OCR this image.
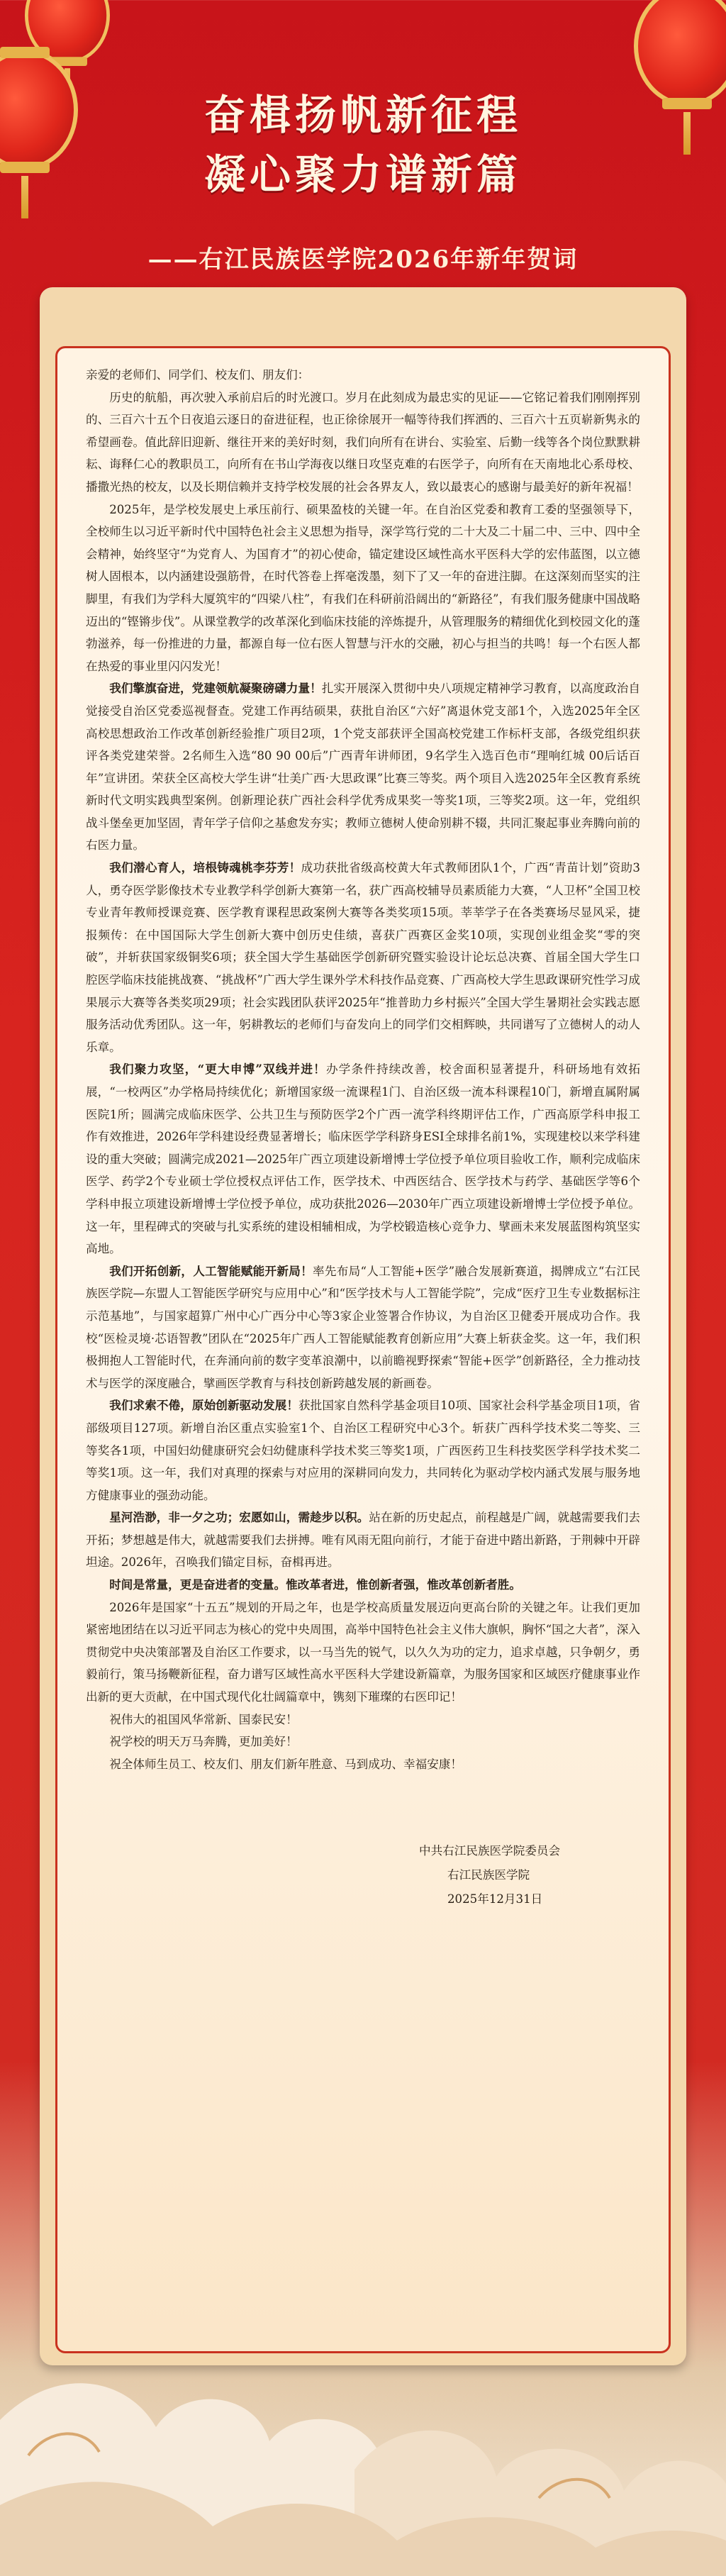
奋楫扬帆新征程
凝心聚力谱新篇
——右江民族医学院2026年新年贺词

亲爱的老师们、同学们、校友们、朋友们：

历史的航船，再次驶入承前启后的时光渡口。岁月在此刻成为最忠实的见证——它铭记着我们刚刚挥别的、三百六十五个日夜追云逐日的奋进征程，也正徐徐展开一幅等待我们挥洒的、三百六十五页崭新隽永的希望画卷。值此辞旧迎新、继往开来的美好时刻，我们向所有在讲台、实验室、后勤一线等各个岗位默默耕耘、诲释仁心的教职员工，向所有在书山学海夜以继日攻坚克难的右医学子，向所有在天南地北心系母校、播撒光热的校友，以及长期信赖并支持学校发展的社会各界友人，致以最衷心的感谢与最美好的新年祝福！

2025年，是学校发展史上承压前行、硕果盈枝的关键一年。在自治区党委和教育工委的坚强领导下，全校师生以习近平新时代中国特色社会主义思想为指导，深学笃行党的二十大及二十届二中、三中、四中全会精神，始终坚守“为党育人、为国育才”的初心使命，锚定建设区域性高水平医科大学的宏伟蓝图，以立德树人固根本，以内涵建设强筋骨，在时代答卷上挥毫泼墨，刻下了又一年的奋进注脚。在这深刻而坚实的注脚里，有我们为学科大厦筑牢的“四梁八柱”，有我们在科研前沿阔出的“新路径”，有我们服务健康中国战略迈出的“铿锵步伐”。从课堂教学的改革深化到临床技能的淬炼提升，从管理服务的精细优化到校园文化的蓬勃滋养，每一份推进的力量，都源自每一位右医人智慧与汗水的交融，初心与担当的共鸣！每一个右医人都在热爱的事业里闪闪发光！

我们擎旗奋进，党建领航凝聚磅礴力量！扎实开展深入贯彻中央八项规定精神学习教育，以高度政治自觉接受自治区党委巡视督查。党建工作再结硕果，获批自治区“六好”离退休党支部1个，入选2025年全区高校思想政治工作改革创新经验推广项目2项，1个党支部获评全国高校党建工作标杆支部，各级党组织获评各类党建荣誉。2名师生入选“80 90 00后”广西青年讲师团，9名学生入选百色市“理响红城 00后话百年”宣讲团。荣获全区高校大学生讲“壮美广西·大思政课”比赛三等奖。两个项目入选2025年全区教育系统新时代文明实践典型案例。创新理论获广西社会科学优秀成果奖一等奖1项，三等奖2项。这一年，党组织战斗堡垒更加坚固，青年学子信仰之基愈发夯实；教师立德树人使命别耕不辍，共同汇聚起事业奔腾向前的右医力量。

我们潜心育人，培根铸魂桃李芬芳！成功获批省级高校黄大年式教师团队1个，广西“青苗计划”资助3人，勇夺医学影像技术专业教学科学创新大赛第一名，获广西高校辅导员素质能力大赛，“人卫杯”全国卫校专业青年教师授课竞赛、医学教育课程思政案例大赛等各类奖项15项。莘莘学子在各类赛场尽显风采，捷报频传：在中国国际大学生创新大赛中创历史佳绩，喜获广西赛区金奖10项，实现创业组金奖“零的突破”，并斩获国家级铜奖6项；获全国大学生基础医学创新研究暨实验设计论坛总决赛、首届全国大学生口腔医学临床技能挑战赛、“挑战杯”广西大学生课外学术科技作品竞赛、广西高校大学生思政课研究性学习成果展示大赛等各类奖项29项；社会实践团队获评2025年“推普助力乡村振兴”全国大学生暑期社会实践志愿服务活动优秀团队。这一年，躬耕教坛的老师们与奋发向上的同学们交相辉映，共同谱写了立德树人的动人乐章。

我们聚力攻坚，“更大申博”双线并进！办学条件持续改善，校舍面积显著提升，科研场地有效拓展，“一校两区”办学格局持续优化；新增国家级一流课程1门、自治区级一流本科课程10门，新增直属附属医院1所；圆满完成临床医学、公共卫生与预防医学2个广西一流学科终期评估工作，广西高原学科申报工作有效推进，2026年学科建设经费显著增长；临床医学学科跻身ESI全球排名前1%，实现建校以来学科建设的重大突破；圆满完成2021—2025年广西立项建设新增博士学位授予单位项目验收工作，顺利完成临床医学、药学2个专业硕士学位授权点评估工作，医学技术、中西医结合、医学技术与药学、基础医学等6个学科申报立项建设新增博士学位授予单位，成功获批2026—2030年广西立项建设新增博士学位授予单位。这一年，里程碑式的突破与扎实系统的建设相辅相成，为学校锻造核心竞争力、擘画未来发展蓝图构筑坚实高地。

我们开拓创新，人工智能赋能开新局！率先布局“人工智能+医学”融合发展新赛道，揭牌成立“右江民族医学院—东盟人工智能医学研究与应用中心”和“医学技术与人工智能学院”，完成“医疗卫生专业数据标注示范基地”，与国家超算广州中心广西分中心等3家企业签署合作协议，为自治区卫健委开展成功合作。我校“医检灵境·芯语智教”团队在“2025年广西人工智能赋能教育创新应用”大赛上斩获金奖。这一年，我们积极拥抱人工智能时代，在奔涌向前的数字变革浪潮中，以前瞻视野探索“智能+医学”创新路径，全力推动技术与医学的深度融合，擘画医学教育与科技创新跨越发展的新画卷。

我们求索不倦，原始创新驱动发展！获批国家自然科学基金项目10项、国家社会科学基金项目1项，省部级项目127项。新增自治区重点实验室1个、自治区工程研究中心3个。斩获广西科学技术奖二等奖、三等奖各1项，中国妇幼健康研究会妇幼健康科学技术奖三等奖1项，广西医药卫生科技奖医学科学技术奖二等奖1项。这一年，我们对真理的探索与对应用的深耕同向发力，共同转化为驱动学校内涵式发展与服务地方健康事业的强劲动能。

星河浩渺，非一夕之功；宏愿如山，需趁步以积。站在新的历史起点，前程越是广阔，就越需要我们去开拓；梦想越是伟大，就越需要我们去拼搏。唯有风雨无阻向前行，才能于奋进中踏出新路，于荆棘中开辟坦途。2026年，召唤我们锚定目标，奋楫再进。

时间是常量，更是奋进者的变量。惟改革者进，惟创新者强，惟改革创新者胜。

2026年是国家“十五五”规划的开局之年，也是学校高质量发展迈向更高台阶的关键之年。让我们更加紧密地团结在以习近平同志为核心的党中央周围，高举中国特色社会主义伟大旗帜，胸怀“国之大者”，深入贯彻党中央决策部署及自治区工作要求，以一马当先的锐气，以久久为功的定力，追求卓越，只争朝夕，勇毅前行，策马扬鞭新征程，奋力谱写区域性高水平医科大学建设新篇章，为服务国家和区域医疗健康事业作出新的更大贡献，在中国式现代化壮阔篇章中，镌刻下璀璨的右医印记！

祝伟大的祖国风华常新、国泰民安！

祝学校的明天万马奔腾，更加美好！

祝全体师生员工、校友们、朋友们新年胜意、马到成功、幸福安康！

中共右江民族医学院委员会
右江民族医学院
2025年12月31日
